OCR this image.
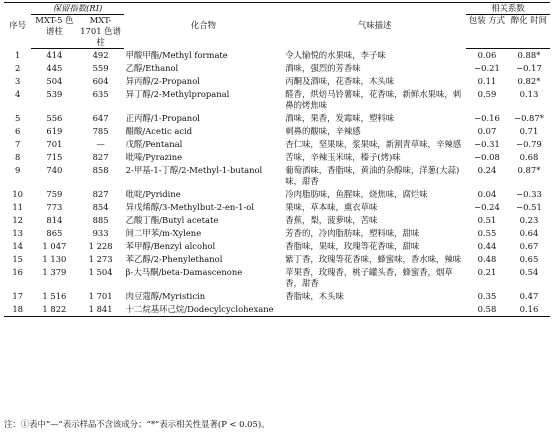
序号	保留指数(RI)		化合物	气味描述	相关系数	
	MXT-5 色谱柱	MXT-1701 色谱柱			包装 方式	醉化 时间
1	414	492	甲酸甲酯/Methyl formate	令人愉悦的水果味，李子味	0.06	0.88*
2	445	559	乙醇/Ethanol	酒味，强烈的芳香味	−0.21	−0.17
3	504	604	异丙醇/2-Propanol	丙酮及酒味，花香味，木头味	0.11	0.82*
4	539	635	异丁醇/2-Methylpropanal	醛香，烘焙马铃薯味，花香味，新鲜水果味，刺鼻的烤焦味	0.59	0.13
5	556	647	正丙醇/1-Propanol	酒味，果香，发霉味，塑料味	−0.16	−0.87*
6	619	785	醋酸/Acetic acid	刺鼻的酸味，辛辣感	0.07	0.71
7	701	—	戊醛/Pentanal	杏仁味，坚果味，浆果味，新割青草味，辛辣感	−0.31	−0.79
8	715	827	吡嗪/Pyrazine	苦味，辛辣玉米味，榛子(烤)味	−0.08	0.68
9	740	858	2-甲基-1-丁醇/2-Methyl-1-butanol	葡萄酒味，香脂味，黄油的杂醇味，洋葱(大蒜)味，甜香	0.24	0.87*
10	759	827	吡啶/Pyridine	冷肉脂肪味，鱼腥味，烧焦味，腐烂味	0.04	−0.33
11	773	854	异戊烯醇/3-Methylbut-2-en-1-ol	果味，草本味，熏衣草味	−0.24	−0.51
12	814	885	乙酸丁酯/Butyl acetate	香蕉，梨，菠萝味，苦味	0.51	0.23
13	865	933	间二甲苯/m-Xylene	芳香的，冷肉脂肪味，塑料味，甜味	0.55	0.64
14	1 047	1 228	苯甲醇/Benzyl alcohol	香脂味，果味，玫瑰等花香味，甜味	0.44	0.67
15	1 130	1 273	苯乙醇/2-Phenylethanol	紫丁香，玫瑰等花香味，蜂蜜味，香水味，辣味	0.48	0.65
16	1 379	1 504	β-大马酮/beta-Damascenone	苹果香，玫瑰香，桃子罐头香，蜂蜜香，烟草香，甜香	0.21	0.54
17	1 516	1 701	肉豆蔻醇/Myristicin	香脂味，木头味	0.35	0.47
18	1 822	1 841	十二烷基环己烷/Dodecylcyclohexane		0.58	0.16
注：①表中“—”表示样品不含该成分；“*”表示相关性显著(P < 0.05)。
